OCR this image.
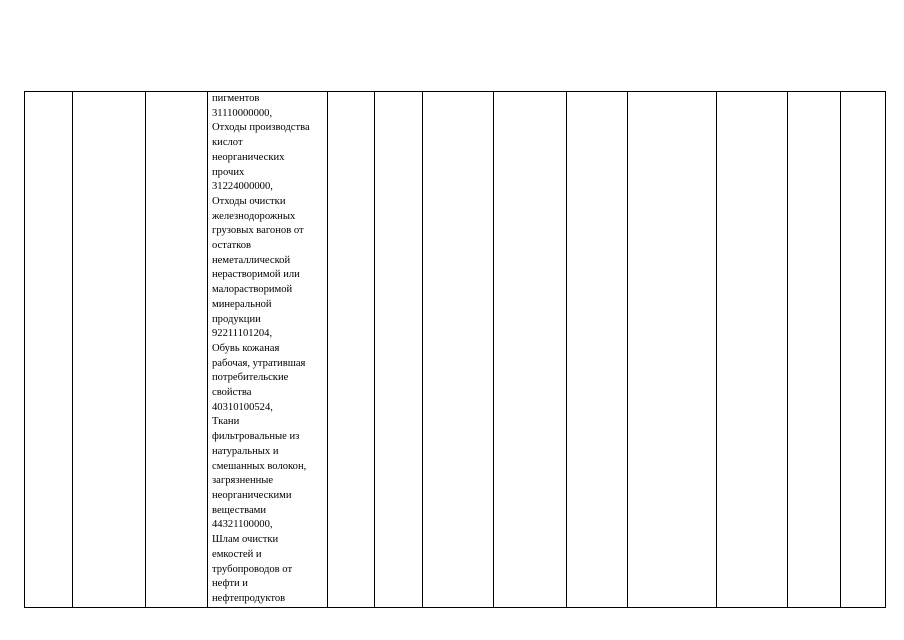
пигментов
31110000000,
Отходы производства
кислот
неорганических
прочих
31224000000,
Отходы очистки
железнодорожных
грузовых вагонов от
остатков
неметаллической
нерастворимой или
малорастворимой
минеральной
продукции
92211101204,
Обувь кожаная
рабочая, утратившая
потребительские
свойства
40310100524,
Ткани
фильтровальные из
натуральных и
смешанных волокон,
загрязненные
неорганическими
веществами
44321100000,
Шлам очистки
емкостей и
трубопроводов от
нефти и
нефтепродуктов
